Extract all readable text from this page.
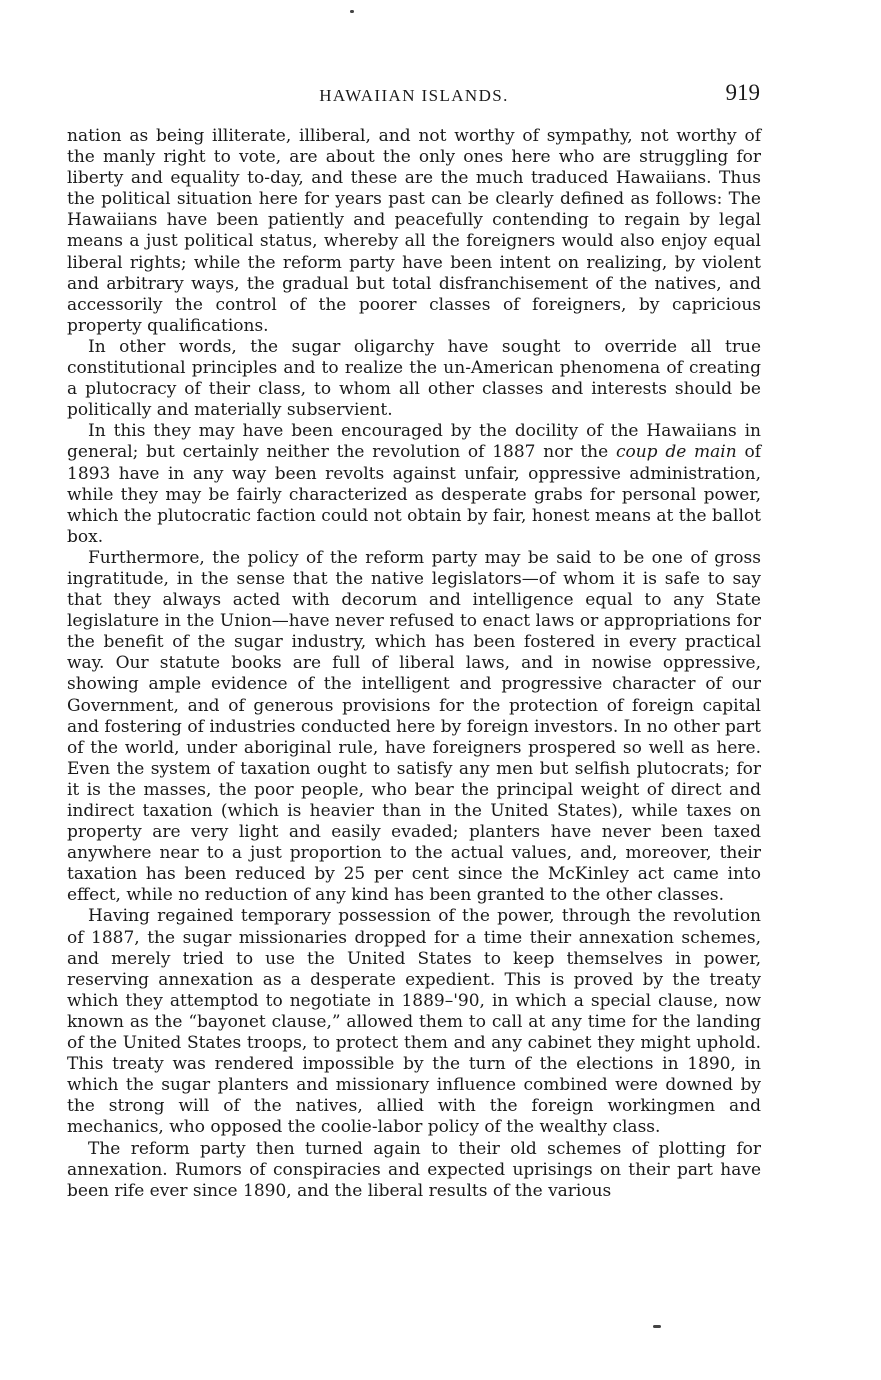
HAWAIIAN ISLANDS.	919

nation as being illiterate, illiberal, and not worthy of sympathy, not worthy of the manly right to vote, are about the only ones here who are struggling for liberty and equality to-day, and these are the much traduced Hawaiians. Thus the political situation here for years past can be clearly defined as follows: The Hawaiians have been patiently and peacefully contending to regain by legal means a just political status, whereby all the foreigners would also enjoy equal liberal rights; while the reform party have been intent on realizing, by violent and arbitrary ways, the gradual but total disfranchisement of the natives, and accessorily the control of the poorer classes of foreigners, by capricious property qualifications.

In other words, the sugar oligarchy have sought to override all true constitutional principles and to realize the un-American phenomena of creating a plutocracy of their class, to whom all other classes and interests should be politically and materially subservient.

In this they may have been encouraged by the docility of the Hawaiians in general; but certainly neither the revolution of 1887 nor the coup de main of 1893 have in any way been revolts against unfair, oppressive administration, while they may be fairly characterized as desperate grabs for personal power, which the plutocratic faction could not obtain by fair, honest means at the ballot box.

Furthermore, the policy of the reform party may be said to be one of gross ingratitude, in the sense that the native legislators—of whom it is safe to say that they always acted with decorum and intelligence equal to any State legislature in the Union—have never refused to enact laws or appropriations for the benefit of the sugar industry, which has been fostered in every practical way. Our statute books are full of liberal laws, and in nowise oppressive, showing ample evidence of the intelligent and progressive character of our Government, and of generous provisions for the protection of foreign capital and fostering of industries conducted here by foreign investors. In no other part of the world, under aboriginal rule, have foreigners prospered so well as here. Even the system of taxation ought to satisfy any men but selfish plutocrats; for it is the masses, the poor people, who bear the principal weight of direct and indirect taxation (which is heavier than in the United States), while taxes on property are very light and easily evaded; planters have never been taxed anywhere near to a just proportion to the actual values, and, moreover, their taxation has been reduced by 25 per cent since the McKinley act came into effect, while no reduction of any kind has been granted to the other classes.

Having regained temporary possession of the power, through the revolution of 1887, the sugar missionaries dropped for a time their annexation schemes, and merely tried to use the United States to keep themselves in power, reserving annexation as a desperate expedient. This is proved by the treaty which they attemptod to negotiate in 1889–'90, in which a special clause, now known as the “bayonet clause,” allowed them to call at any time for the landing of the United States troops, to protect them and any cabinet they might uphold. This treaty was rendered impossible by the turn of the elections in 1890, in which the sugar planters and missionary influence combined were downed by the strong will of the natives, allied with the foreign workingmen and mechanics, who opposed the coolie-labor policy of the wealthy class.

The reform party then turned again to their old schemes of plotting for annexation. Rumors of conspiracies and expected uprisings on their part have been rife ever since 1890, and the liberal results of the various
